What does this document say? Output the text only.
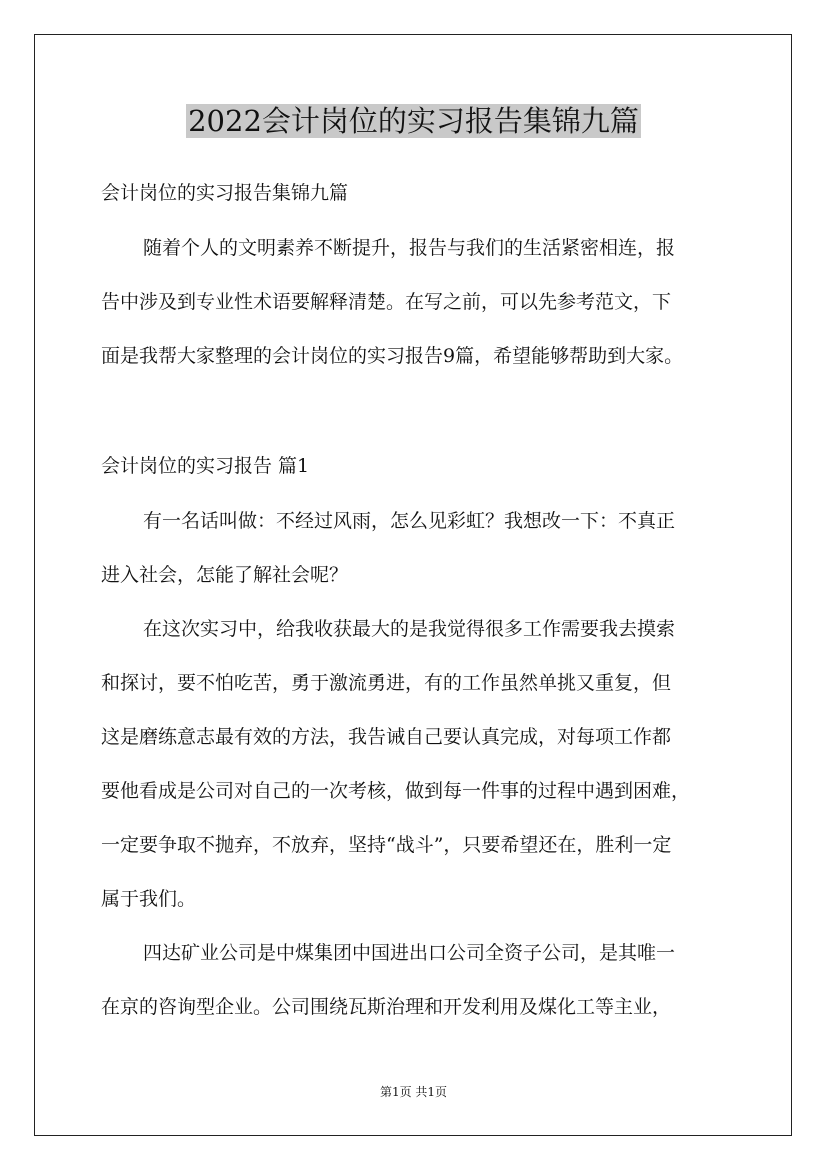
2022会计岗位的实习报告集锦九篇
会计岗位的实习报告集锦九篇
随着个人的文明素养不断提升，报告与我们的生活紧密相连，报
告中涉及到专业性术语要解释清楚。在写之前，可以先参考范文，下
面是我帮大家整理的会计岗位的实习报告9篇，希望能够帮助到大家。
会计岗位的实习报告 篇1
有一名话叫做：不经过风雨，怎么见彩虹？我想改一下：不真正
进入社会，怎能了解社会呢？
在这次实习中，给我收获最大的是我觉得很多工作需要我去摸索
和探讨，要不怕吃苦，勇于激流勇进，有的工作虽然单挑又重复，但
这是磨练意志最有效的方法，我告诫自己要认真完成，对每项工作都
要他看成是公司对自己的一次考核，做到每一件事的过程中遇到困难，
一定要争取不抛弃，不放弃，坚持“战斗”，只要希望还在，胜利一定
属于我们。
四达矿业公司是中煤集团中国进出口公司全资子公司，是其唯一
在京的咨询型企业。公司围绕瓦斯治理和开发利用及煤化工等主业，
第1页 共1页
